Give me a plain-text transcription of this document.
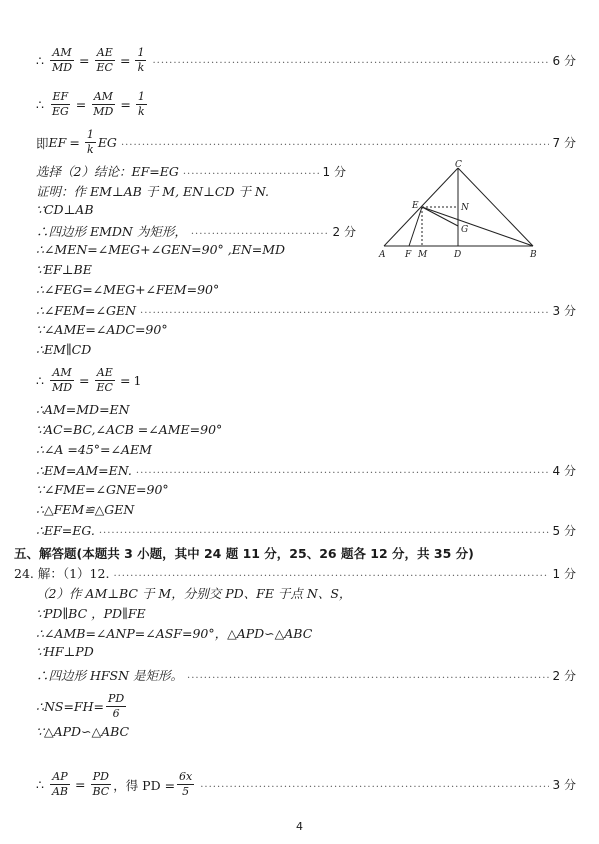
∴ $\frac{AM}{MD} = \frac{AE}{EC} = \frac{1}{k}$ .....	6 分
∴ $\frac{EF}{EG} = \frac{AM}{MD} = \frac{1}{k}$
即 EF = $\frac{1}{k}$ EG .....	7 分
选择（2）结论：EF=EG .....	1 分
证明：作 EM⊥AB 于 M, EN⊥CD 于 N.
∵CD⊥AB
∴四边形 EMDN 为矩形， .....	2 分
∴∠MEN=∠MEG+∠GEN=90° ,EN=MD
∵EF⊥BE
∴∠FEG=∠MEG+∠FEM=90°
∴∠FEM=∠GEN .....	3 分
∵∠AME=∠ADC=90°
∴EM∥CD
∴ $\frac{AM}{MD} = \frac{AE}{EC} = 1$
∴AM=MD=EN
∵AC=BC,∠ACB =∠AME=90°
∴∠A =45°=∠AEM
∴EM=AM=EN. .....	4 分
∵∠FME=∠GNE=90°
∴△FEM≌△GEN
∴EF=EG. .....	5 分
五、解答题(本题共 3 小题，其中 24 题 11 分，25、26 题各 12 分，共 35 分)
24. 解：（1）12. .....	1 分
（2）作 AM⊥BC 于 M，分别交 PD、FE 于点 N、S，
∵PD∥BC ，PD∥FE
∴∠AMB=∠ANP=∠ASF=90°，△APD∽△ABC
∵HF⊥PD
∴四边形 HFSN 是矩形。 .....	2 分
∴NS=FH= $\frac{PD}{6}$
∵△APD∽△ABC
∴ $\frac{AP}{AB} = \frac{PD}{BC}$ ，得 PD = $\frac{6x}{5}$ .....	3 分
A F M	D	B
C
E	N
G
4
